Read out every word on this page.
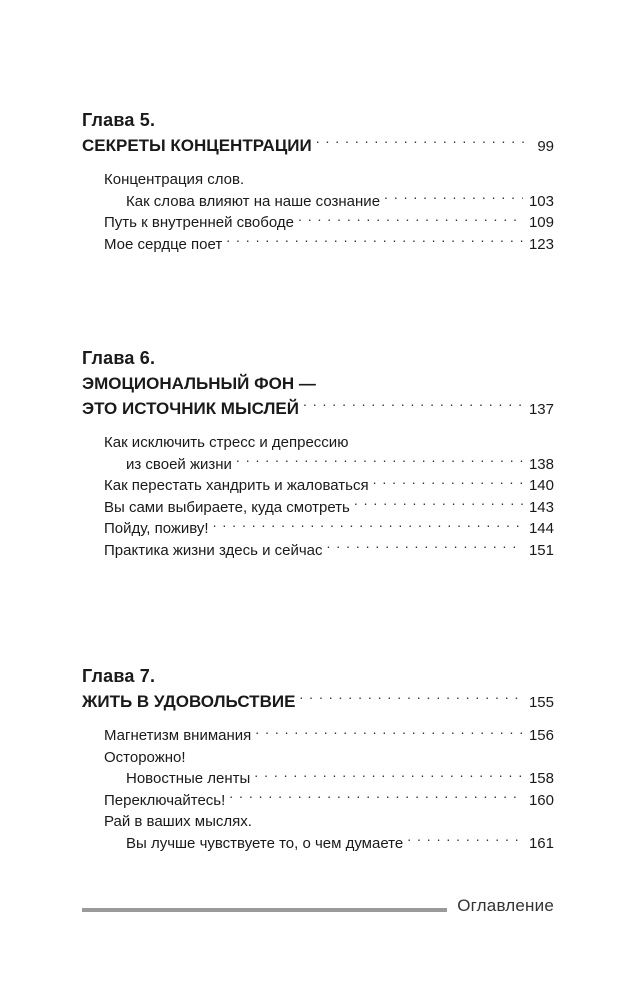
Глава 5.
СЕКРЕТЫ КОНЦЕНТРАЦИИ . . .	99
Концентрация слов.
Как слова влияют на наше сознание . . .	103
Путь к внутренней свободе . . .	109
Мое сердце поет . . .	123
Глава 6.
ЭМОЦИОНАЛЬНЫЙ ФОН —
ЭТО ИСТОЧНИК МЫСЛЕЙ . . .	137
Как исключить стресс и депрессию
из своей жизни . . .	138
Как перестать хандрить и жаловаться . . .	140
Вы сами выбираете, куда смотреть . . .	143
Пойду, поживу! . . .	144
Практика жизни здесь и сейчас . . .	151
Глава 7.
ЖИТЬ В УДОВОЛЬСТВИЕ . . .	155
Магнетизм внимания . . .	156
Осторожно!
Новостные ленты . . .	158
Переключайтесь! . . .	160
Рай в ваших мыслях.
Вы лучше чувствуете то, о чем думаете . . .	161
Оглавление
